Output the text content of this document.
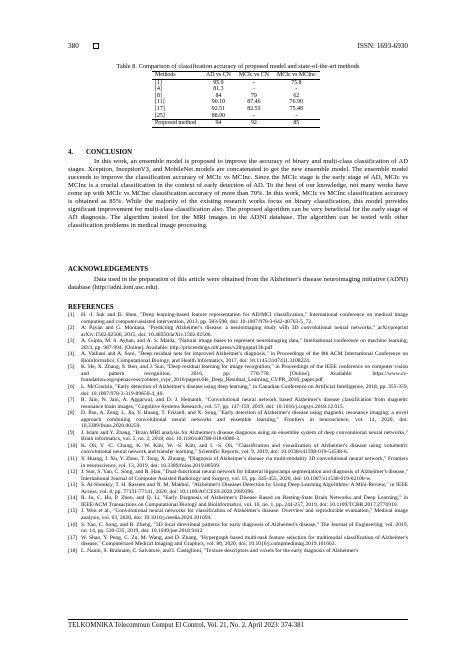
380	ISSN: 1693-6930
Table 8. Comparison of classification accuracy of proposed model and state-of-the-art methods
Methods	AD vs CN	MCIc vs CN	MCIc vs MCInc
[1]	95.9	-	75.8
[4]	81.3	-	-
[8]	84	79	62
[11]	90.10	87.46	76.90
[17]	92.51	82.53	75.48
[25]	88.90	-	-
Proposed method	94	92	85
4. CONCLUSION
In this work, an ensemble model is proposed to improve the accuracy of binary and multi-class classification of AD stages. Xception, InceptionV3, and MobileNet models are concatenated to get the new ensemble model. The ensemble model succeeds to improve the classification accuracy of MCIc vs MCInc. Since the MCIc stage is the early stage of AD, MCIc vs MCInc is a crucial classification in the context of early detection of AD. To the best of our knowledge, not many works have come up with MCIc vs MCInc classification accuracy of more than 70%. In this work, MCIc vs MCInc classification accuracy is obtained as 85%. While the majority of the existing research works focus on binary classification, this model provides significant improvement for multi-class classification also. The proposed algorithm can be very beneficial for the early stage of AD diagnosis. The algorithm tested for the MRI images in the ADNI database. The algorithm can be tested with other classification problems in medical image processing.
ACKNOWLEDGEMENTS
Data used in the preparation of this article were obtained from the Alzheimer's disease neuroimaging initiative (ADNI) database (http://adni.loni.usc.edu).
REFERENCES
[1]	H. -I. Suk and D. Shen, "Deep learning-based feature representation for AD/MCI classification," International conference on medical image computing and computer-assisted intervention, 2013, pp. 583-590, doi: 10.1007/978-3-642-40763-5_72.
[2]	A. Payan and G. Montana, "Predicting Alzheimer's disease: a neuroimaging study with 3D convolutional neural networks," arXivpreprint arXiv:1502.02506, 2015, doi: 10.48550/arXiv.1502.02506.
[3]	A. Gupta, M. S. Ayhan, and A. S. Maida, "Natural image bases to represent neuroimaging data," International conference on machine learning, 2013, pp. 987-994. [Online]. Available: http://proceedings.mlr.press/v28/gupta13b.pdf
[4]	A. Valliani and A. Soni, "Deep residual nets for improved Alzheimer's diagnosis," in Proceedings of the 8th ACM International Conference on Bioinformatics, Computational Biology, and Health Informatics, 2017, doi: 10.1145/3107411.3108224.
[5]	K. He, X. Zhang, S. Ren, and J. Sun, "Deep residual learning for image recognition," in Proceedings of the IEEE conference on computer vision and pattern recognition, 2016, pp. 770-778. [Online]. Available: https://www.cv-foundation.org/openaccess/content_cvpr_2016/papers/He_Deep_Residual_Learning_CVPR_2016_paper.pdf
[6]	L. McCrackin, "Early detection of Alzheimer's disease using deep learning," in Canadian Conference on Artificial Intelligence, 2018, pp. 355-359, doi: 10.1007/978-3-319-89656-4_40.
[7]	R. Jain, N. Jain, A. Aggarwal, and D. J. Hemanth, "Convolutional neural network based Alzheimer's disease classification from magnetic resonance brain images," Cognitive Systems Research, vol. 57, pp. 147-159, 2019, doi: 10.1016/j.cogsys.2018.12.015.
[8]	D. Pan, A. Zeng, L. Jia, Y. Huang, T. Frizzell, and X. Song, "Early detection of Alzheimer's disease using magnetic resonance imaging: a novel approach combining convolutional neural networks and ensemble learning," Frontiers in neuroscience, vol. 14, 2020, doi: 10.3389/fnins.2020.00259.
[9]	J. Islam and Y. Zhang, "Brain MRI analysis for Alzheimer's disease diagnosis using an ensemble system of deep convolutional neural networks," Brain informatics, vol. 5, no. 2, 2018, doi: 10.1186/s40708-018-0080-3.
[10] K. Oh, Y. -C. Chung, K. W. Kim, W. -S. Kim, and I. -S. Oh, "Classification and visualization of Alzheimer's disease using volumetric convolutional neural network and transfer learning," Scientific Reports, vol. 9, 2019, doi: 10.1038/s41598-019-54548-6.
[11] Y. Huang, J. Xu, Y. Zhou, T. Tong, X. Zhuang, "Diagnosis of Alzheimer's disease via multi-modality 3D convolutional neural network," Frontiers in neuroscience, vol. 13, 2019, doi: 10.3389/fnins.2019.00509.
[12] J. Sun, S. Yan, C. Song, and B. Han, "Dual-functional neural network for bilateral hippocampi segmentation and diagnosis of Alzheimer's disease," International Journal of Computer Assisted Radiology and Surgery, vol. 15, pp. 445-455, 2020, doi: 10.1007/s11548-019-02106-w.
[13] S. Al-Shoukry, T. H. Rassem and N. M. Makbol, "Alzheimer's Diseases Detection by Using Deep Learning Algorithms: A Mini-Review," in IEEE Access, vol. 8, pp. 77131-77141, 2020, doi: 10.1109/ACCESS.2020.2989396.
[14] R. Ju, C. Hu, P. Zhou, and Q. Li, "Early Diagnosis of Alzheimer's Disease Based on Resting-State Brain Networks and Deep Learning," in IEEE/ACM Transactions on Computational Biology and Bioinformatics, vol. 16, no. 1, pp. 244-257, 2019, doi: 10.1109/TCBB.2017.2776910.
[15] J. Wen et al., "Convolutional neural networks for classification of Alzheimer's disease: Overview and reproducible evaluation," Medical image analysis, vol. 63, 2020, doi: 10.1016/j.media.2020.101694.
[16] S. Yan, C. Song, and B. Zheng, "3D local directional patterns for early diagnosis of Alzheimer's disease," The Journal of Engineering, vol. 2019, no. 14, pp. 530-535, 2019, doi: 10.1049/joe.2018.9412.
[17] W. Shao, Y. Peng, C. Zu, M. Wang, and D. Zhang, "Hypergraph based multi-task feature selection for multimodal classification of Alzheimer's disease," Computerized Medical Imaging and Graphics, vol. 80, 2020, doi: 10.1016/j.compmedimag.2019.101663.
[18] L. Nanni, S. Brahnam, C. Salvatore, and I. Castiglioni, "Texture descriptors and voxels for the early diagnosis of Alzheimer's
TELKOMNIKA Telecommun Comput El Control, Vol. 21, No. 2, April 2023: 374-381
